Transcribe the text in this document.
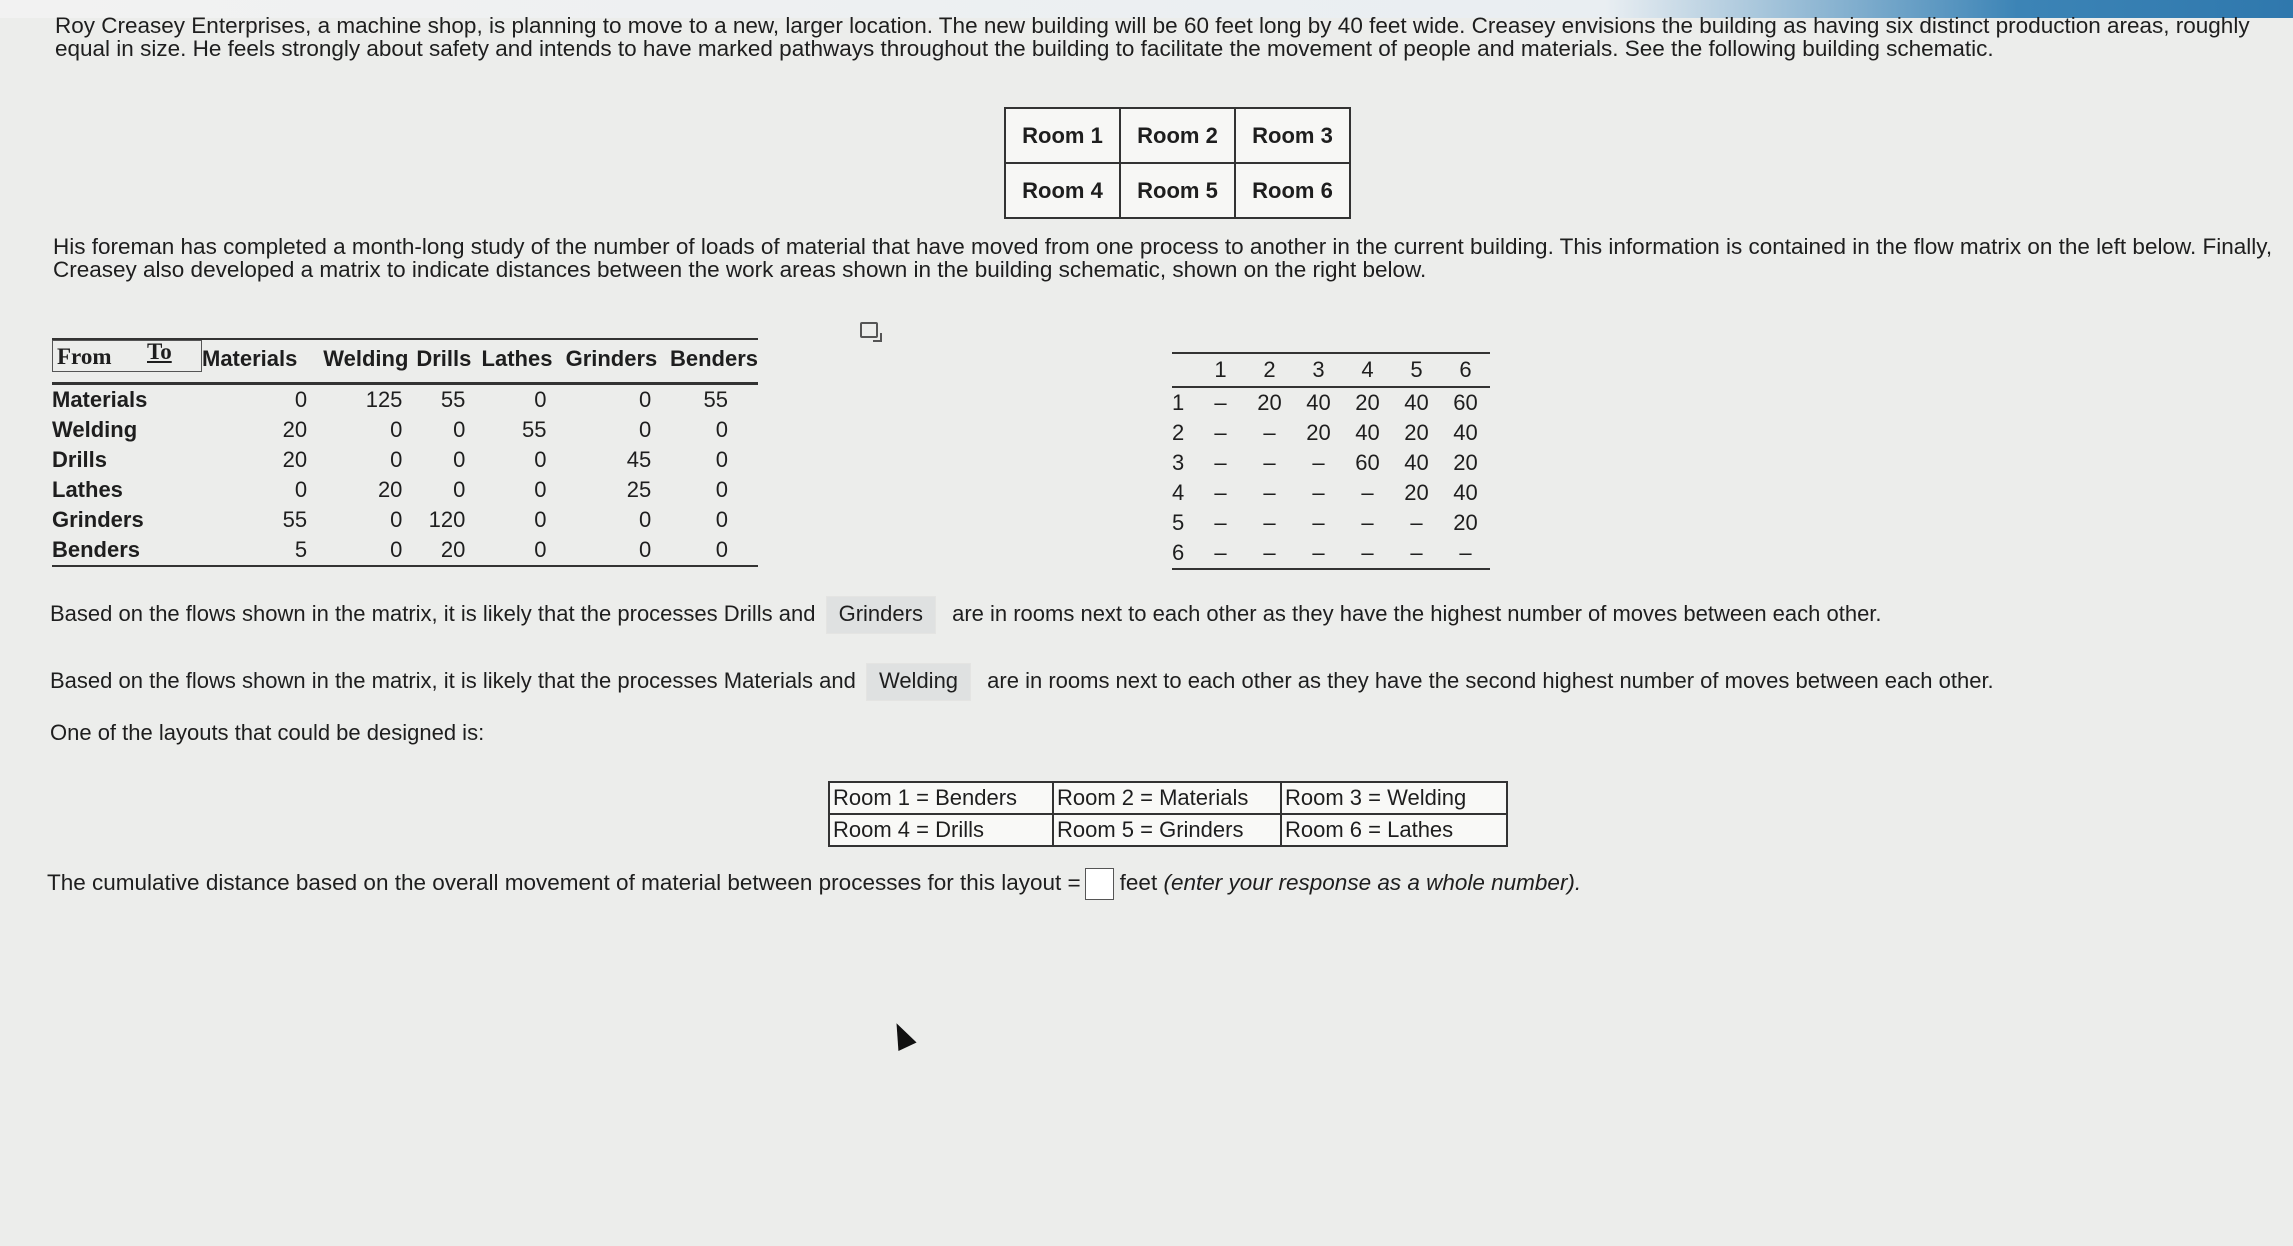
Roy Creasey Enterprises, a machine shop, is planning to move to a new, larger location. The new building will be 60 feet long by 40 feet wide. Creasey envisions the building as having six distinct production areas, roughly equal in size. He feels strongly about safety and intends to have marked pathways throughout the building to facilitate the movement of people and materials. See the following building schematic.

Room 1	Room 2	Room 3
Room 4	Room 5	Room 6

His foreman has completed a month-long study of the number of loads of material that have moved from one process to another in the current building. This information is contained in the flow matrix on the left below. Finally, Creasey also developed a matrix to indicate distances between the work areas shown in the building schematic, shown on the right below.

From To	Materials	Welding	Drills	Lathes	Grinders	Benders
Materials	0	125	55	0	0	55
Welding	20	0	0	55	0	0
Drills	20	0	0	0	45	0
Lathes	0	20	0	0	25	0
Grinders	55	0	120	0	0	0
Benders	5	0	20	0	0	0
	1	2	3	4	5	6
1	–	20	40	20	40	60
2	–	–	20	40	20	40
3	–	–	–	60	40	20
4	–	–	–	–	20	40
5	–	–	–	–	–	20
6	–	–	–	–	–	–
Based on the flows shown in the matrix, it is likely that the processes Drills and Grinders are in rooms next to each other as they have the highest number of moves between each other.
Based on the flows shown in the matrix, it is likely that the processes Materials and Welding are in rooms next to each other as they have the second highest number of moves between each other.
One of the layouts that could be designed is:
Room 1 = Benders	Room 2 = Materials	Room 3 = Welding
Room 4 = Drills	Room 5 = Grinders	Room 6 = Lathes
The cumulative distance based on the overall movement of material between processes for this layout = feet (enter your response as a whole number).
